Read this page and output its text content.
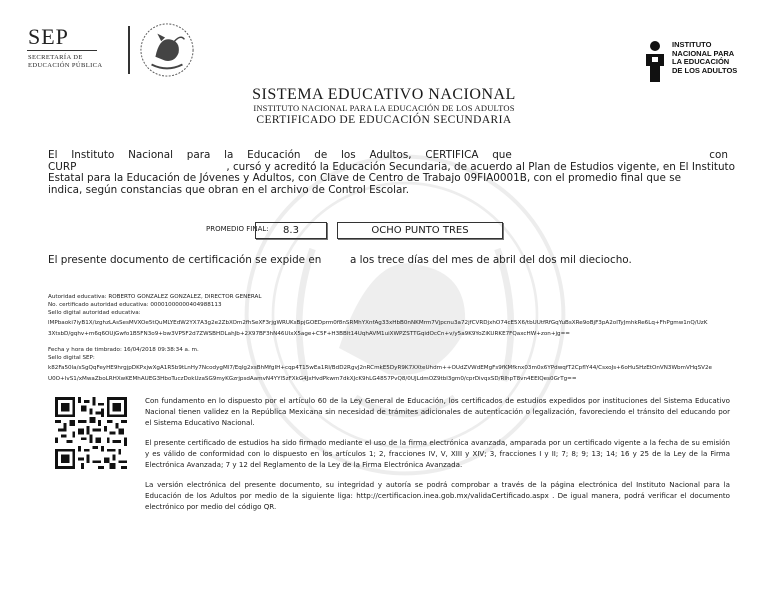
SEP
SECRETARÍA DE
EDUCACIÓN PÚBLICA
INSTITUTO
NACIONAL PARA
LA EDUCACIÓN
DE LOS ADULTOS
SISTEMA EDUCATIVO NACIONAL
INSTITUTO NACIONAL PARA LA EDUCACIÓN DE LOS ADULTOS
CERTIFICADO DE EDUCACIÓN SECUNDARIA
El Instituto Nacional para la Educación de los Adultos, CERTIFICA que	con
CURP	, cursó y acreditó la Educación Secundaria, de acuerdo al Plan de Estudios vigente, en El Instituto
Estatal para la Educación de Jóvenes y Adultos, con Clave de Centro de Trabajo 09FIA0001B, con el promedio final que se
indica, según constancias que obran en el archivo de Control Escolar.
PROMEDIO FINAL:	8.3	OCHO PUNTO TRES
El presente documento de certificación se expide en	a los trece días del mes de abril del dos mil dieciocho.
Autoridad educativa: ROBERTO GONZALEZ GONZALEZ, DIRECTOR GENERAL
No. certificado autoridad educativa: 00001000000404988113
Sello digital autoridad educativa:
lMPbaoki7iyB1X/izghzLAsSesMVXOe5tQuMLYEdW2YX7A3g2e2ZbXOm2fhSeXF3rjgWRUKsBpjGOEDprm0f8nSRMhYXnfAg33xHbB0nNKMrm7Vjpcnu3a72jfCVRDjxhO74cE5X6/tbUUtfRfGqYuBsXRe9oBjF3pA2oITyJmhkRe6Lq+FhPgmw1nQ/UzK
3XtsbD/gqhv+m6q6OUjGwfo1B5FN3o9+bw3VP5F2d7ZWSBHDLahJb+2X97BF3hN46UIxX5age+C5F+H3BBlt14UqhAVM1uiXWPZSTTGqidOcCn+v/y5a9K9YoZiKURKE7FQaxcHW+zon+jg==
Fecha y hora de timbrado: 16/04/2018 09:38:34 a. m.
Sello digital SEP:
k82Fa50la/sSgQqFeyHE9hrgjpDKPxjwXgA1R5b9tLnHy7NcodygMl7/Eqlg2xsBhMfgIH+cqp4T15wEa1RI/BdD2RgvJ2nRCmkE5DyR9K7XXteUhdm++OUdZVWdEMgFs9fKMfknx03m0x6YPdwqfT2CpflY44/CsxoJs+6oHuSHzEtOnVN3WbmVHqSV2e
U0O+IvS1/xMwaZboLRHXwKEMhAUEG3HboTuczDokUzaSG9myKGzrjpsdAamvN4YYl5zFXkG4JxHvdPkwm7dkXJcK9hLG4857PvQ8/0UJLdmOZ9tbl3gm0/cprDivqxSD/RIhpT8vn4EEIQes0GrTg==
Con fundamento en lo dispuesto por el artículo 60 de la Ley General de Educación, los certificados de estudios expedidos por instituciones del Sistema Educativo Nacional tienen validez en la República Mexicana sin necesidad de trámites adicionales de autenticación o legalización, favoreciendo el tránsito del educando por el Sistema Educativo Nacional.
El presente certificado de estudios ha sido firmado mediante el uso de la firma electrónica avanzada, amparada por un certificado vigente a la fecha de su emisión y es válido de conformidad con lo dispuesto en los artículos 1; 2, fracciones IV, V, XIII y XIV; 3, fracciones I y II; 7; 8; 9; 13; 14; 16 y 25 de la Ley de la Firma Electrónica Avanzada; 7 y 12 del Reglamento de la Ley de la Firma Electrónica Avanzada.
La versión electrónica del presente documento, su integridad y autoría se podrá comprobar a través de la página electrónica del Instituto Nacional para la Educación de los Adultos por medio de la siguiente liga: http://certificacion.inea.gob.mx/validaCertificado.aspx . De igual manera, podrá verificar el documento electrónico por medio del código QR.
